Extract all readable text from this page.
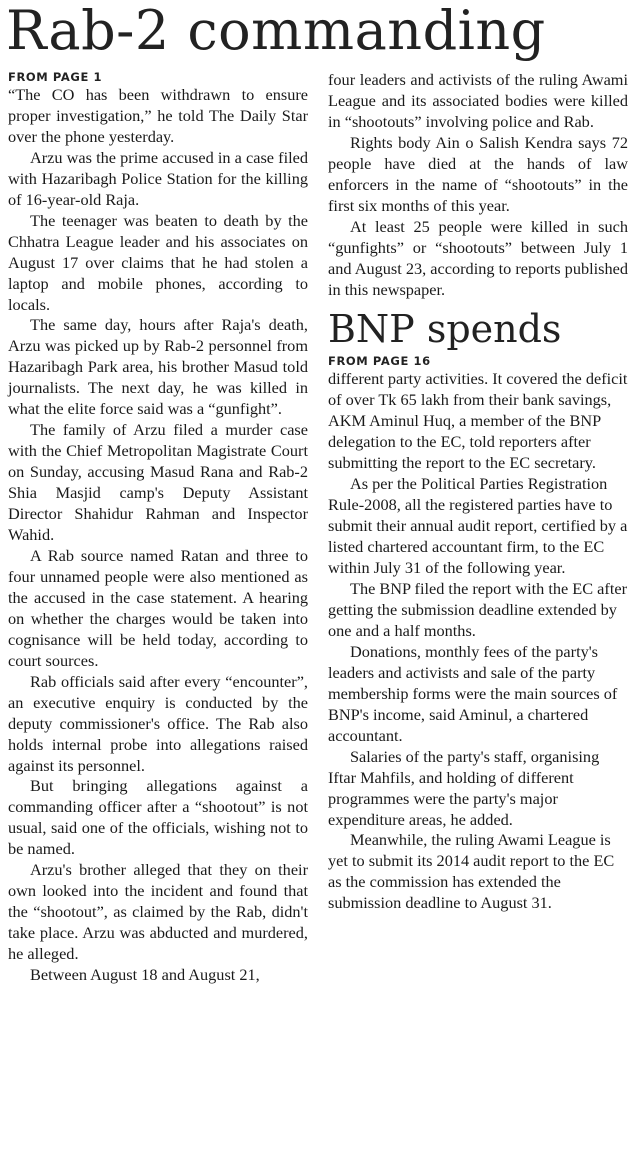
Rab-2 commanding

FROM PAGE 1

“The CO has been withdrawn to ensure proper investigation,” he told The Daily Star over the phone yesterday.

Arzu was the prime accused in a case filed with Hazaribagh Police Station for the killing of 16-year-old Raja.

The teenager was beaten to death by the Chhatra League leader and his associates on August 17 over claims that he had stolen a laptop and mobile phones, according to locals.

The same day, hours after Raja's death, Arzu was picked up by Rab-2 personnel from Hazaribagh Park area, his brother Masud told journalists. The next day, he was killed in what the elite force said was a “gunfight”.

The family of Arzu filed a murder case with the Chief Metropolitan Magistrate Court on Sunday, accusing Masud Rana and Rab-2 Shia Masjid camp's Deputy Assistant Director Shahidur Rahman and Inspector Wahid.

A Rab source named Ratan and three to four unnamed people were also mentioned as the accused in the case statement. A hearing on whether the charges would be taken into cognisance will be held today, according to court sources.

Rab officials said after every “encounter”, an executive enquiry is conducted by the deputy commissioner's office. The Rab also holds internal probe into allegations raised against its personnel.

But bringing allegations against a commanding officer after a “shootout” is not usual, said one of the officials, wishing not to be named.

Arzu's brother alleged that they on their own looked into the incident and found that the “shootout”, as claimed by the Rab, didn't take place. Arzu was abducted and murdered, he alleged.

Between August 18 and August 21,

four leaders and activists of the ruling Awami League and its associated bodies were killed in “shootouts” involving police and Rab.

Rights body Ain o Salish Kendra says 72 people have died at the hands of law enforcers in the name of “shootouts” in the first six months of this year.

At least 25 people were killed in such “gunfights” or “shootouts” between July 1 and August 23, according to reports published in this newspaper.

BNP spends

FROM PAGE 16

different party activities. It covered the deficit of over Tk 65 lakh from their bank savings, AKM Aminul Huq, a member of the BNP delegation to the EC, told reporters after submitting the report to the EC secretary.

As per the Political Parties Registration Rule-2008, all the registered parties have to submit their annual audit report, certified by a listed chartered accountant firm, to the EC within July 31 of the following year.

The BNP filed the report with the EC after getting the submission deadline extended by one and a half months.

Donations, monthly fees of the party's leaders and activists and sale of the party membership forms were the main sources of BNP's income, said Aminul, a chartered accountant.

Salaries of the party's staff, organising Iftar Mahfils, and holding of different programmes were the party's major expenditure areas, he added.

Meanwhile, the ruling Awami League is yet to submit its 2014 audit report to the EC as the commission has extended the submission deadline to August 31.
